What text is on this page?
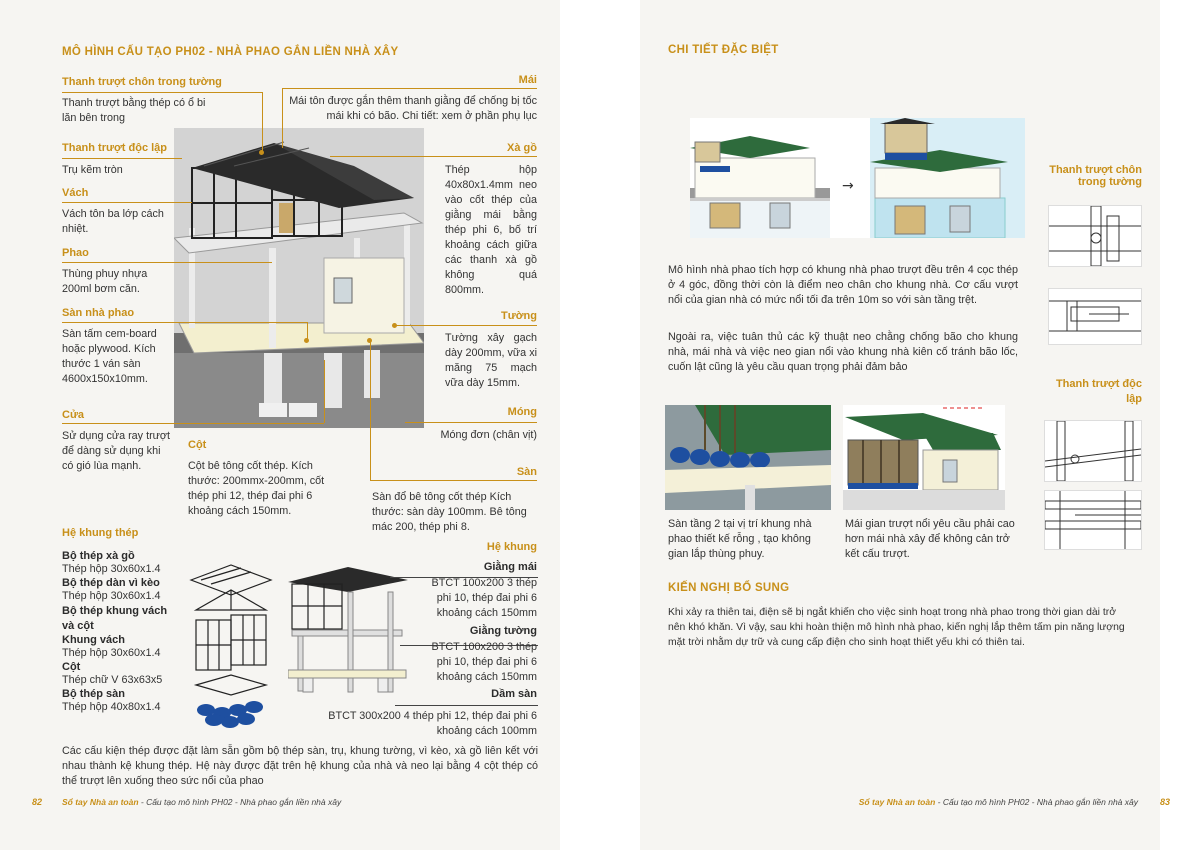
MÔ HÌNH CẤU TẠO PH02 - NHÀ PHAO GẮN LIỀN NHÀ XÂY
Thanh trượt chôn trong tường
Thanh trượt bằng thép có ổ bi lăn bên trong
Thanh trượt độc lập
Trụ kẽm tròn
Vách
Vách tôn ba lớp cách nhiệt.
Phao
Thùng phuy nhựa 200ml bơm căn.
Sàn nhà phao
Sàn tấm cem-board hoặc plywood. Kích thước 1 ván sàn 4600x150x10mm.
Cửa
Sử dụng cửa ray trượt để dàng sử dụng khi có gió lùa mạnh.
Cột
Cột bê tông cốt thép. Kích thước: 200mmx-200mm, cốt thép phi 12, thép đai phi 6 khoảng cách 150mm.
Mái
Mái tôn được gắn thêm thanh giằng để chống bị tốc mái khi có bão. Chi tiết: xem ở phần phụ lục
Xà gồ
Thép hộp 40x80x1.4mm neo vào cốt thép của giằng mái bằng thép phi 6, bố trí khoảng cách giữa các thanh xà gồ không quá 800mm.
Tường
Tường xây gạch dày 200mm, vữa xi măng 75 mạch vữa dày 15mm.
Móng
Móng đơn (chân vịt)
Sàn
Sàn đổ bê tông cốt thép Kích thước: sàn dày 100mm. Bê tông mác 200, thép phi 8.
Hệ khung thép
Bộ thép xà gồ
Thép hộp 30x60x1.4
Bộ thép dàn vì kèo
Thép hộp 30x60x1.4
Bộ thép khung vách và cột
Khung vách
Thép hộp 30x60x1.4
Cột
Thép chữ V 63x63x5
Bộ thép sàn
Thép hộp 40x80x1.4
Hệ khung
Giằng mái
BTCT 100x200 3 thép phi 10, thép đai phi 6 khoảng cách 150mm
Giằng tường
BTCT 100x200 3 thép phi 10, thép đai phi 6 khoảng cách 150mm
Dầm sàn
BTCT 300x200 4 thép phi 12, thép đai phi 6 khoảng cách 100mm
Các cấu kiện thép được đặt làm sẵn gồm bộ thép sàn, trụ, khung tường, vì kèo, xà gồ liên kết với nhau thành kệ khung thép. Hệ này được đặt trên hệ khung của nhà và neo lại bằng 4 cột thép có thể trượt lên xuống theo sức nổi của phao
82 Sổ tay Nhà an toàn - Cấu tạo mô hình PH02 - Nhà phao gắn liền nhà xây
CHI TIẾT ĐẶC BIỆT
→
Thanh trượt chôn trong tường
Thanh trượt độc lập
Mô hình nhà phao tích hợp có khung nhà phao trượt đều trên 4 cọc thép ở 4 góc, đồng thời còn là điểm neo chân cho khung nhà. Cơ cấu vượt nổi của gian nhà có mức nổi tối đa trên 10m so với sàn tầng trệt.
Ngoài ra, việc tuân thủ các kỹ thuật neo chằng chống bão cho khung nhà, mái nhà và việc neo gian nổi vào khung nhà kiên cố tránh bão lốc, cuốn lật cũng là yêu cầu quan trọng phải đảm bảo
Sàn tầng 2 tại vị trí khung nhà phao thiết kế rỗng , tạo không gian lắp thùng phuy.
Mái gian trượt nổi yêu cầu phải cao hơn mái nhà xây để không cản trở kết cấu trượt.
KIẾN NGHỊ BỔ SUNG
Khi xảy ra thiên tai, điện sẽ bị ngắt khiến cho việc sinh hoạt trong nhà phao trong thời gian dài trở nên khó khăn. Vì vậy, sau khi hoàn thiện mô hình nhà phao, kiến nghị lắp thêm tấm pin năng lượng mặt trời nhằm dự trữ và cung cấp điện cho sinh hoạt thiết yếu khi có thiên tai.
Sổ tay Nhà an toàn - Cấu tạo mô hình PH02 - Nhà phao gắn liền nhà xây 83
